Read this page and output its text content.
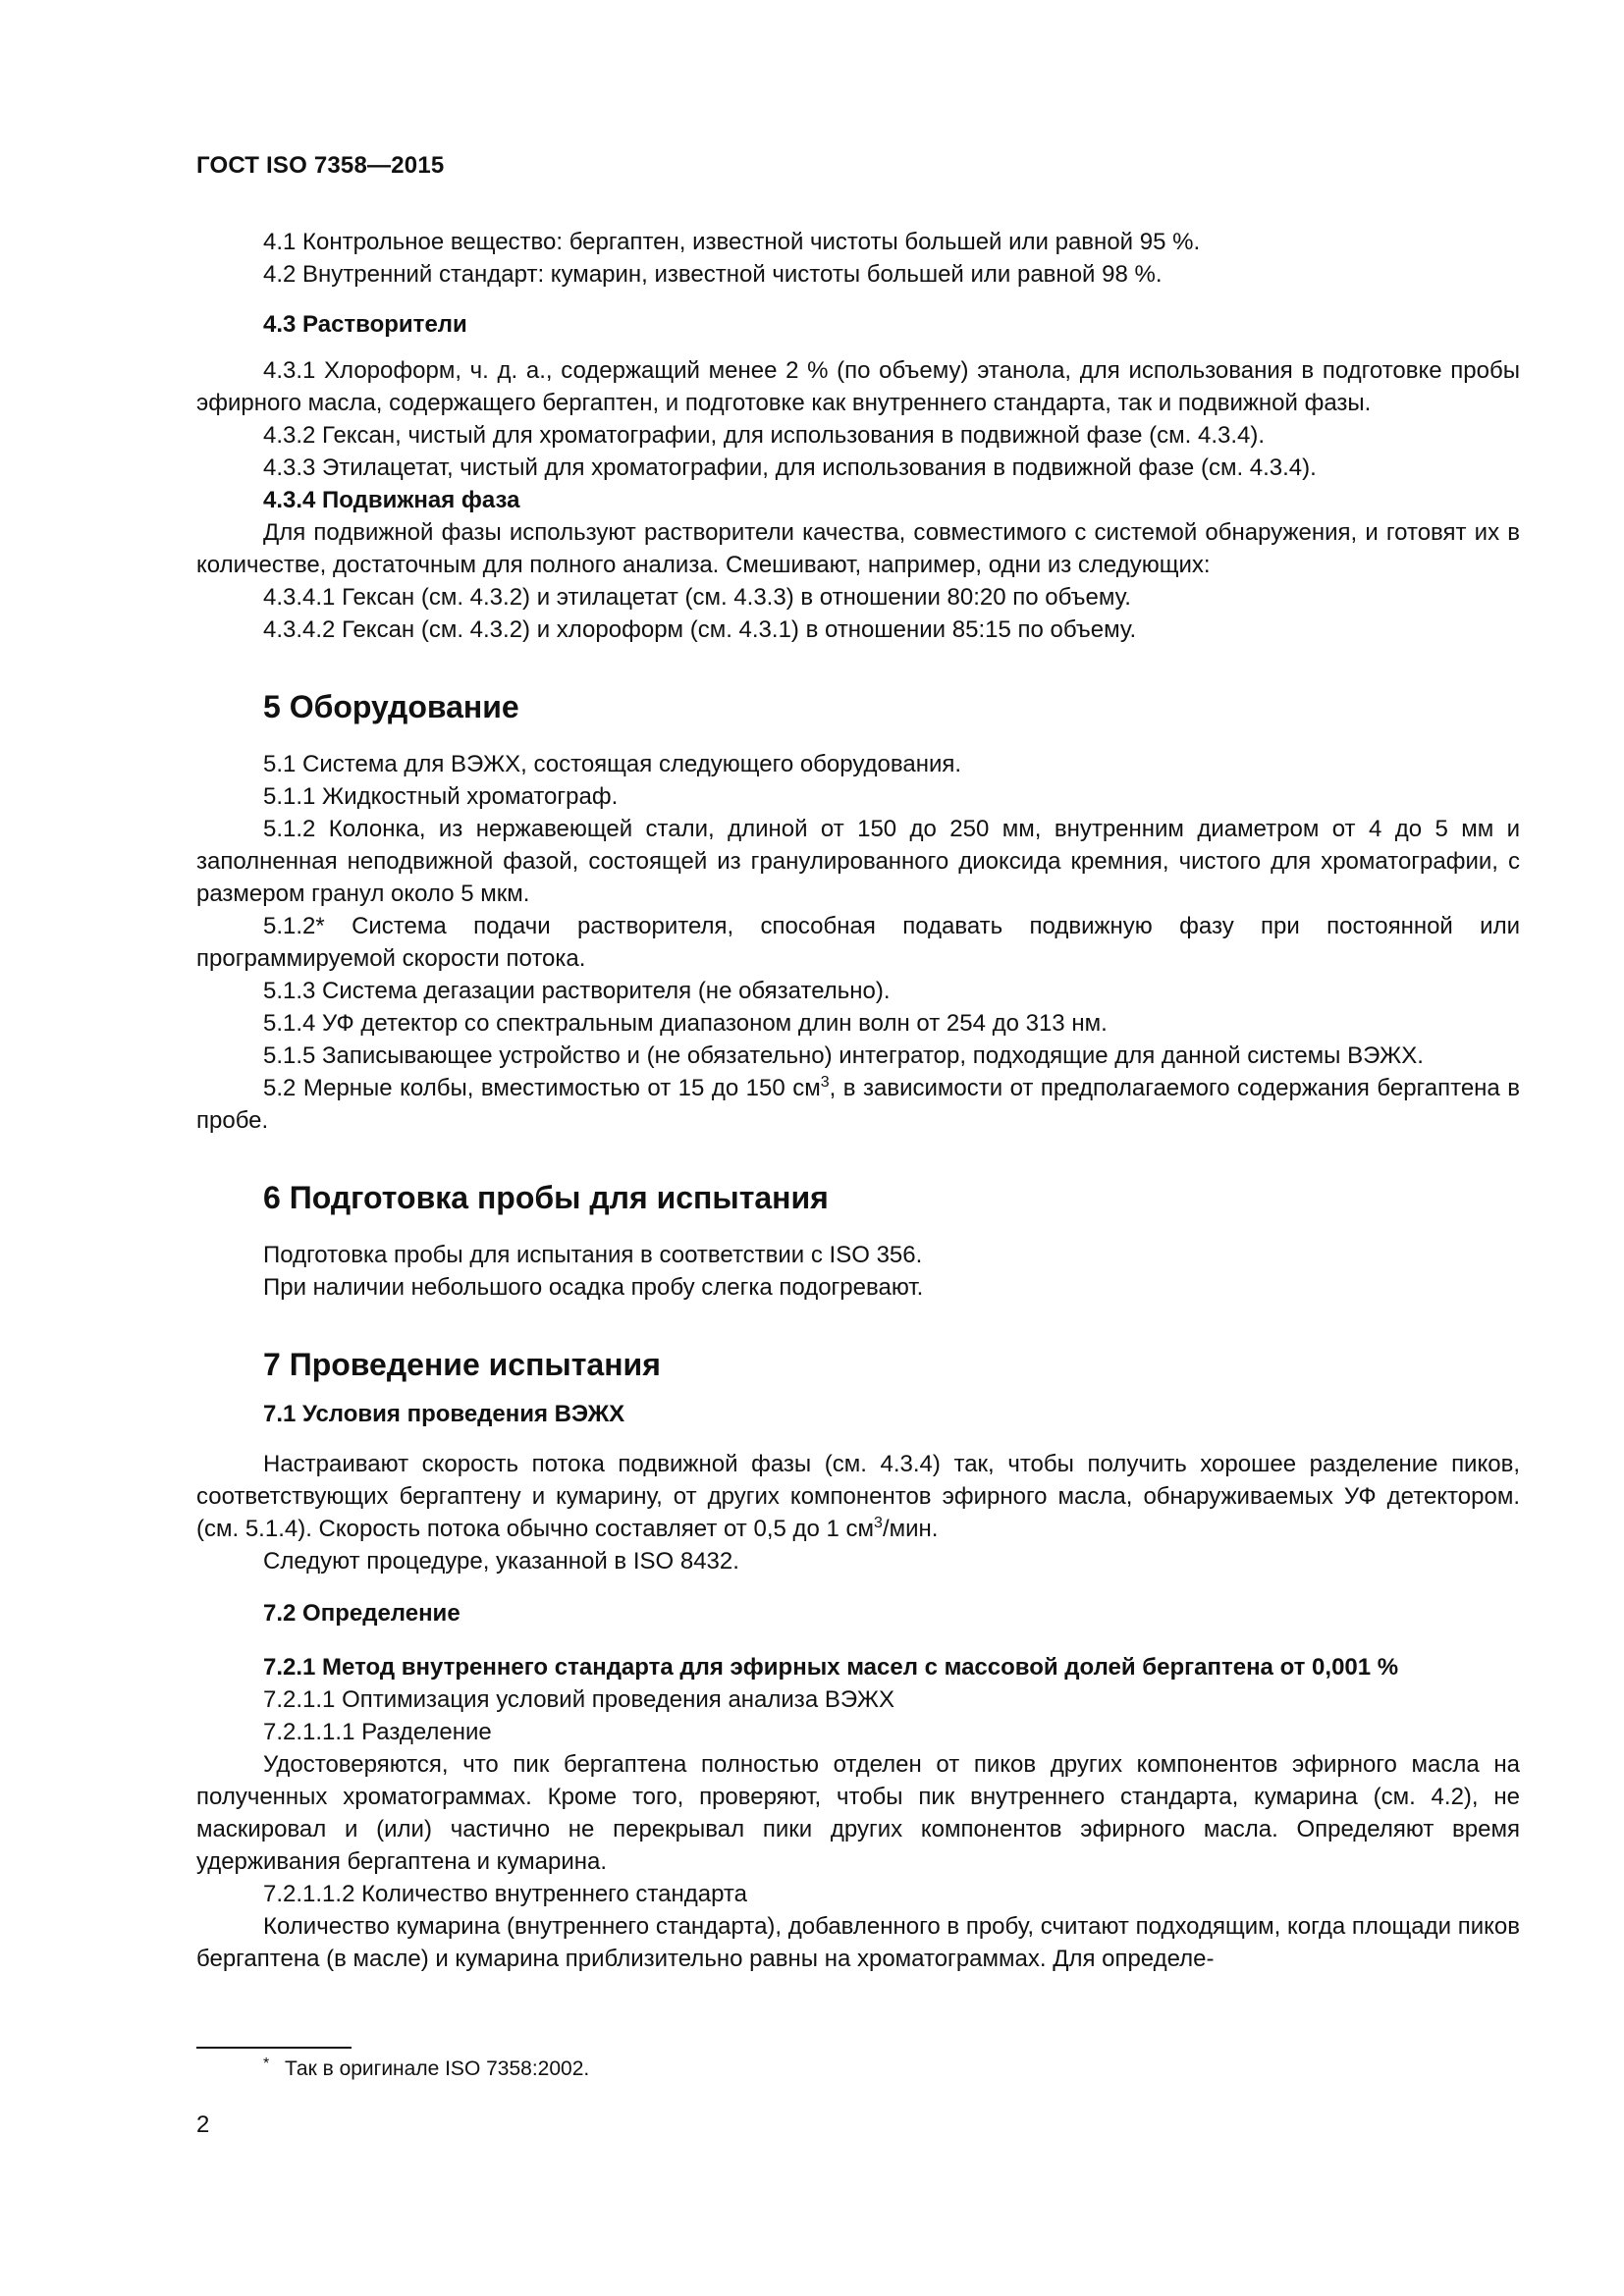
ГОСТ ISO 7358—2015

4.1 Контрольное вещество: бергаптен, известной чистоты большей или равной 95 %.

4.2 Внутренний стандарт: кумарин, известной чистоты большей или равной 98 %.

4.3 Растворители

4.3.1 Хлороформ, ч. д. а., содержащий менее 2 % (по объему) этанола, для использования в подготовке пробы эфирного масла, содержащего бергаптен, и подготовке как внутреннего стандарта, так и подвижной фазы.

4.3.2 Гексан, чистый для хроматографии, для использования в подвижной фазе (см. 4.3.4).

4.3.3 Этилацетат, чистый для хроматографии, для использования в подвижной фазе (см. 4.3.4).

4.3.4 Подвижная фаза

Для подвижной фазы используют растворители качества, совместимого с системой обнаружения, и готовят их в количестве, достаточным для полного анализа. Смешивают, например, одни из следующих:

4.3.4.1 Гексан (см. 4.3.2) и этилацетат (см. 4.3.3) в отношении 80:20 по объему.

4.3.4.2 Гексан (см. 4.3.2) и хлороформ (см. 4.3.1) в отношении 85:15 по объему.

5 Оборудование

5.1 Система для ВЭЖХ, состоящая следующего оборудования.

5.1.1 Жидкостный хроматограф.

5.1.2 Колонка, из нержавеющей стали, длиной от 150 до 250 мм, внутренним диаметром от 4 до 5 мм и заполненная неподвижной фазой, состоящей из гранулированного диоксида кремния, чистого для хроматографии, с размером гранул около 5 мкм.

5.1.2* Система подачи растворителя, способная подавать подвижную фазу при постоянной или программируемой скорости потока.

5.1.3 Система дегазации растворителя (не обязательно).

5.1.4 УФ детектор со спектральным диапазоном длин волн от 254 до 313 нм.

5.1.5 Записывающее устройство и (не обязательно) интегратор, подходящие для данной системы ВЭЖХ.

5.2 Мерные колбы, вместимостью от 15 до 150 $см^3$, в зависимости от предполагаемого содержания бергаптена в пробе.

6 Подготовка пробы для испытания

Подготовка пробы для испытания в соответствии с ISO 356.

При наличии небольшого осадка пробу слегка подогревают.

7 Проведение испытания
7.1 Условия проведения ВЭЖХ

Настраивают скорость потока подвижной фазы (см. 4.3.4) так, чтобы получить хорошее разделение пиков, соответствующих бергаптену и кумарину, от других компонентов эфирного масла, обнаруживаемых УФ детектором. (см. 5.1.4). Скорость потока обычно составляет от 0,5 до 1 $см^3$/мин.

Следуют процедуре, указанной в ISO 8432.

7.2 Определение
7.2.1 Метод внутреннего стандарта для эфирных масел с массовой долей бергаптена от 0,001 %

7.2.1.1 Оптимизация условий проведения анализа ВЭЖХ

7.2.1.1.1 Разделение

Удостоверяются, что пик бергаптена полностью отделен от пиков других компонентов эфирного масла на полученных хроматограммах. Кроме того, проверяют, чтобы пик внутреннего стандарта, кумарина (см. 4.2), не маскировал и (или) частично не перекрывал пики других компонентов эфирного масла. Определяют время удерживания бергаптена и кумарина.

7.2.1.1.2 Количество внутреннего стандарта

Количество кумарина (внутреннего стандарта), добавленного в пробу, считают подходящим, когда площади пиков бергаптена (в масле) и кумарина приблизительно равны на хроматограммах. Для определе-

* Так в оригинале ISO 7358:2002.

2
